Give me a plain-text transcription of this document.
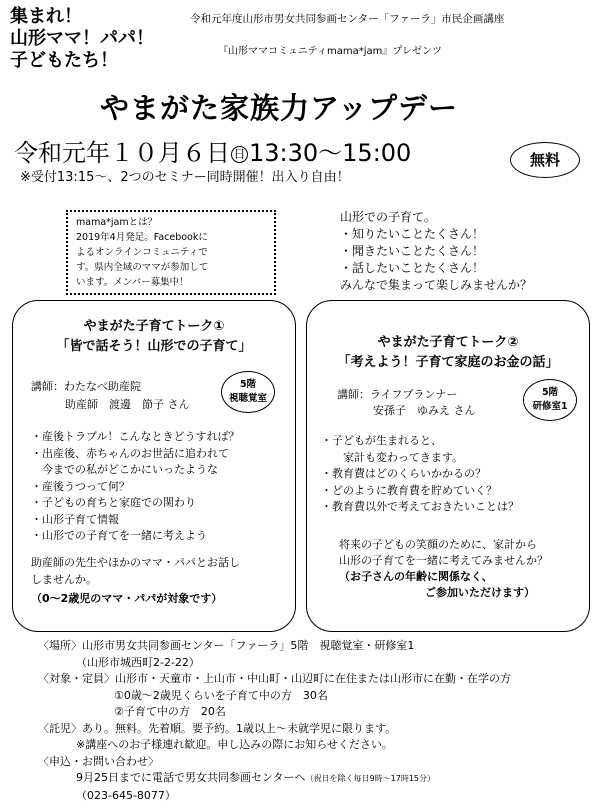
集まれ！
山形ママ！パパ！
子どもたち！
令和元年度山形市男女共同参画センター「ファーラ」市民企画講座
『山形ママコミュニティmama*jam』プレゼンツ
やまがた家族力アップデー
令和元年１０月６日 日 13:30〜15:00	無料
※受付13:15〜、2つのセミナー同時開催！出入り自由！
mama*jamとは？
2019年4月発足。Facebookに
よるオンラインコミュニティで
す。県内全域のママが参加して
います。メンバー募集中！
山形での子育て。
・知りたいことたくさん！
・聞きたいことたくさん！
・話したいことたくさん！
みんなで集まって楽しみませんか？
やまがた子育てトーク①
「皆で話そう！山形での子育て」
講師：わたなべ助産院
助産師　渡邊　節子 さん
5階
視聴覚室
・産後トラブル！こんなときどうすれば？
・出産後、赤ちゃんのお世話に追われて
　今までの私がどこかにいったような
・産後うつって何？
・子どもの育ちと家庭での関わり
・山形子育て情報
・山形での子育てを一緒に考えよう
助産師の先生やほかのママ・パパとお話し
しませんか。
（0〜2歳児のママ・パパが対象です）
やまがた子育てトーク②
「考えよう！子育て家庭のお金の話」
講師：ライフプランナー
安孫子　ゆみえ さん
5階
研修室1
・子どもが生まれると、
　　家計も変わってきます。
・教育費はどのくらいかかるの？
・どのように教育費を貯めていく？
・教育費以外で考えておきたいことは？
将来の子どもの笑顔のために、家計から
山形の子育てを一緒に考えてみませんか？
（お子さんの年齢に関係なく、
ご参加いただけます）
〈場所〉山形市男女共同参画センター「ファーラ」5階　視聴覚室・研修室1
（山形市城西町2-2-22）
〈対象・定員〉山形市・天童市・上山市・中山町・山辺町に在住または山形市に在勤・在学の方
①0歳〜2歳児くらいを子育て中の方　30名
②子育て中の方　20名
〈託児〉あり。無料。先着順。要予約。1歳以上〜未就学児に限ります。
※講座へのお子様連れ歓迎。申し込みの際にお知らせください。
〈申込・お問い合わせ〉
9月25日までに電話で男女共同参画センターへ（祝日を除く毎日9時〜17時15分）
（023-645-8077）
